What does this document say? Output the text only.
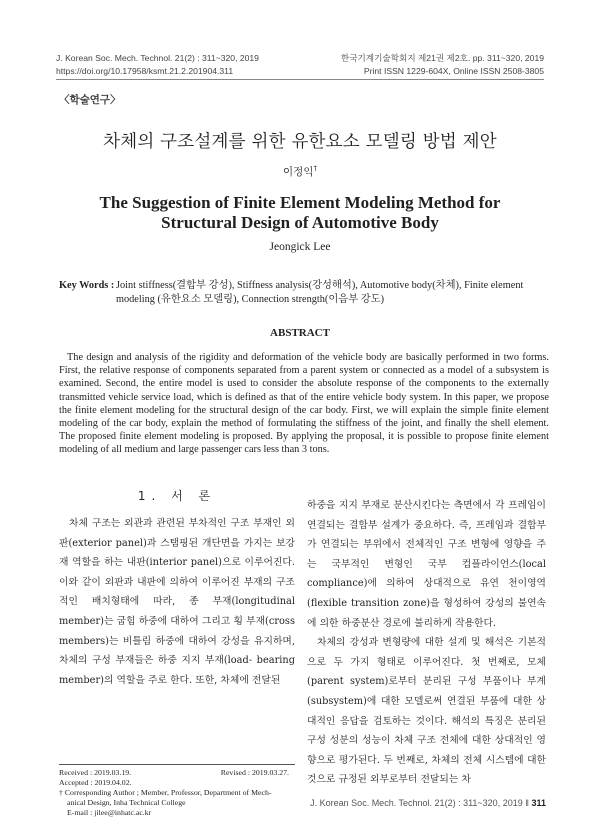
J. Korean Soc. Mech. Technol. 21(2) : 311~320, 2019
https://doi.org/10.17958/ksmt.21.2.201904.311
한국기계기술학회지 제21권 제2호. pp. 311~320, 2019
Print ISSN 1229-604X, Online ISSN 2508-3805
〈학술연구〉
차체의 구조설계를 위한 유한요소 모델링 방법 제안
이정익†
The Suggestion of Finite Element Modeling Method for
Structural Design of Automotive Body
Jeongick Lee
Key Words : Joint stiffness(결합부 강성), Stiffness analysis(강성해석), Automotive body(차체), Finite element modeling (유한요소 모델링), Connection strength(이음부 강도)
ABSTRACT
The design and analysis of the rigidity and deformation of the vehicle body are basically performed in two forms. First, the relative response of components separated from a parent system or connected as a model of a subsystem is examined. Second, the entire model is used to consider the absolute response of the components to the externally transmitted vehicle service load, which is defined as that of the entire vehicle body system. In this paper, we propose the finite element modeling for the structural design of the car body. First, we will explain the simple finite element modeling of the car body, explain the method of formulating the stiffness of the joint, and finally the shell element. The proposed finite element modeling is proposed. By applying the proposal, it is possible to propose finite element modeling of all medium and large passenger cars less than 3 tons.
1. 서 론

차체 구조는 외관과 관련된 부차적인 구조 부재인 외판(exterior panel)과 스탬핑된 개단면을 가지는 보강재 역할을 하는 내판(interior panel)으로 이루어진다. 이와 같이 외판과 내판에 의하여 이루어진 부재의 구조적인 배치형태에 따라, 종 부재(longitudinal member)는 굽힘 하중에 대하여 그리고 횡 부재(cross members)는 비틀림 하중에 대하여 강성을 유지하며, 차체의 구성 부재들은 하중 지지 부재(load- bearing member)의 역할을 주로 한다. 또한, 차체에 전달된

하중을 지지 부재로 분산시킨다는 측면에서 각 프레임이 연결되는 결합부 설계가 중요하다. 즉, 프레임과 결합부가 연결되는 부위에서 전체적인 구조 변형에 영향을 주는 국부적인 변형인 국부 컴플라이언스(local compliance)에 의하여 상대적으로 유연 천이영역(flexible transition zone)을 형성하여 강성의 불연속에 의한 하중분산 경로에 불리하게 작용한다.

차체의 강성과 변형량에 대한 설계 및 해석은 기본적으로 두 가지 형태로 이루어진다. 첫 번째로, 모체(parent system)로부터 분리된 구성 부품이나 부계(subsystem)에 대한 모델로써 연결된 부품에 대한 상대적인 응답을 검토하는 것이다. 해석의 특징은 분리된 구성 성분의 성능이 차체 구조 전체에 대한 상대적인 영향으로 평가된다. 두 번째로, 차체의 전체 시스템에 대한 것으로 규정된 외부로부터 전달되는 차

Received : 2019.03.19.	Revised : 2019.03.27.
Accepted : 2019.04.02.
† Corresponding Author ; Member, Professor, Department of Mech-
anical Design, Inha Technical College
E-mail : jilee@inhatc.ac.kr
J. Korean Soc. Mech. Technol. 21(2) : 311~320, 2019 ‖ 311
